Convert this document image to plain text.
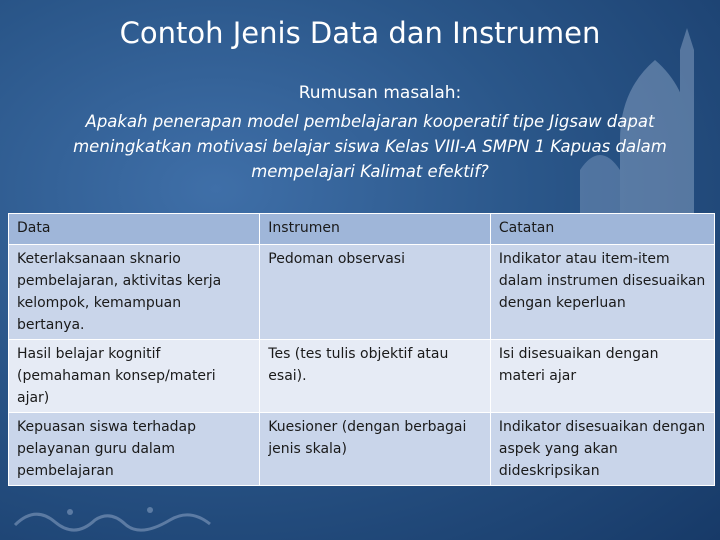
Contoh Jenis Data dan Instrumen
Rumusan masalah:
Apakah penerapan model pembelajaran kooperatif tipe Jigsaw dapat meningkatkan motivasi belajar siswa Kelas VIII-A SMPN 1 Kapuas dalam mempelajari Kalimat efektif?
Data	Instrumen	Catatan
Keterlaksanaan sknario pembelajaran, aktivitas kerja kelompok, kemampuan bertanya.	Pedoman observasi	Indikator atau item-item dalam instrumen disesuaikan dengan keperluan
Hasil belajar kognitif (pemahaman konsep/materi ajar)	Tes (tes tulis objektif atau esai).	Isi disesuaikan dengan materi ajar
Kepuasan siswa terhadap pelayanan guru dalam pembelajaran	Kuesioner (dengan berbagai jenis skala)	Indikator disesuaikan dengan aspek yang akan dideskripsikan
